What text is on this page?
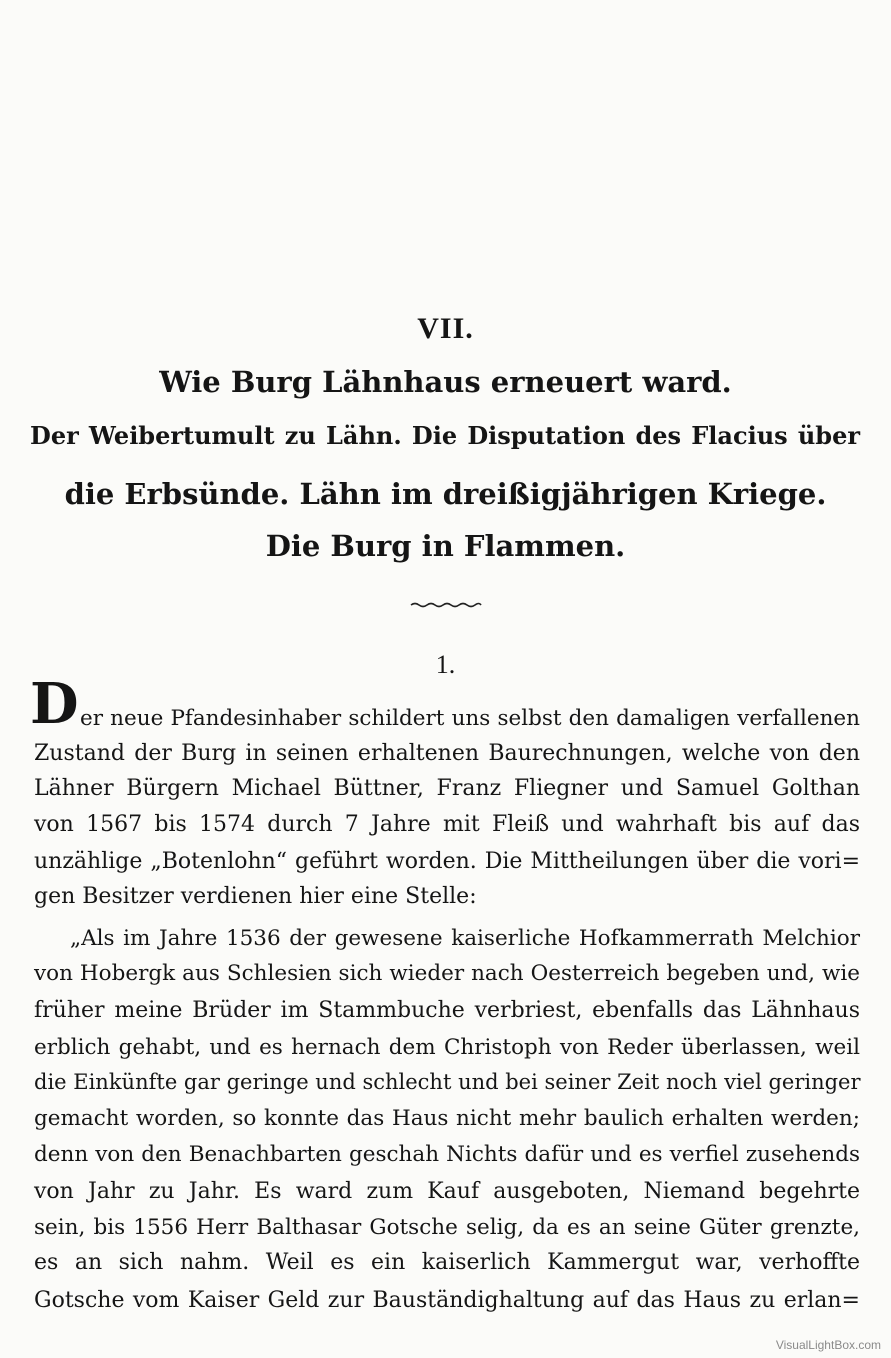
VII.
Wie Burg Lähnhaus erneuert ward.
Der Weibertumult zu Lähn. Die Disputation des Flacius über
die Erbsünde. Lähn im dreißigjährigen Kriege.
Die Burg in Flammen.
1.
D er neue Pfandesinhaber schildert uns selbst den damaligen verfallenen
Zustand der Burg in seinen erhaltenen Baurechnungen, welche von den
Lähner Bürgern Michael Büttner, Franz Fliegner und Samuel Golthan
von 1567 bis 1574 durch 7 Jahre mit Fleiß und wahrhaft bis auf das
unzählige „Botenlohn“ geführt worden. Die Mittheilungen über die vori=
gen Besitzer verdienen hier eine Stelle:
„Als im Jahre 1536 der gewesene kaiserliche Hofkammerrath Melchior
von Hobergk aus Schlesien sich wieder nach Oesterreich begeben und, wie
früher meine Brüder im Stammbuche verbriest, ebenfalls das Lähnhaus
erblich gehabt, und es hernach dem Christoph von Reder überlassen, weil
die Einkünfte gar geringe und schlecht und bei seiner Zeit noch viel geringer
gemacht worden, so konnte das Haus nicht mehr baulich erhalten werden;
denn von den Benachbarten geschah Nichts dafür und es verfiel zusehends
von Jahr zu Jahr. Es ward zum Kauf ausgeboten, Niemand begehrte
sein, bis 1556 Herr Balthasar Gotsche selig, da es an seine Güter grenzte,
es an sich nahm. Weil es ein kaiserlich Kammergut war, verhoffte
Gotsche vom Kaiser Geld zur Bauständighaltung auf das Haus zu erlan=
VisualLightBox.com
